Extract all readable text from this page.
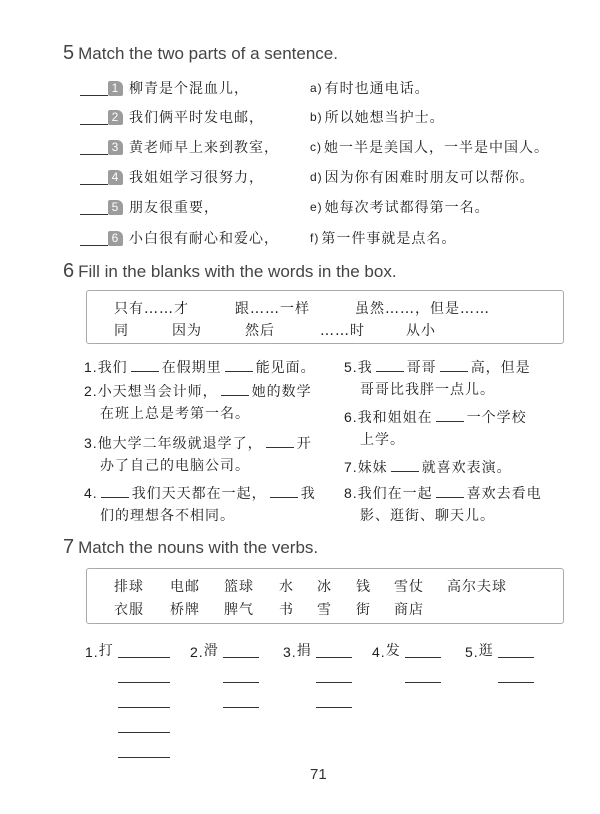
5 Match the two parts of a sentence.
1 柳青是个混血儿，
2 我们俩平时发电邮，
3 黄老师早上来到教室，
4 我姐姐学习很努力，
5 朋友很重要，
6 小白很有耐心和爱心，
a) 有时也通电话。
b) 所以她想当护士。
c) 她一半是美国人，一半是中国人。
d) 因为你有困难时朋友可以帮你。
e) 她每次考试都得第一名。
f) 第一件事就是点名。
6 Fill in the blanks with the words in the box.
只有……才	跟……一样	虽然……，但是……
同	因为	然后	……时	从小
1.我们 在假期里 能见面。
2.小天想当会计师， 她的数学
在班上总是考第一名。
3.他大学二年级就退学了， 开
办了自己的电脑公司。
4. 我们天天都在一起， 我
们的理想各不相同。
5.我 哥哥 高，但是
哥哥比我胖一点儿。
6.我和姐姐在 一个学校
上学。
7.妹妹 就喜欢表演。
8.我们在一起 喜欢去看电
影、逛街、聊天儿。
7 Match the nouns with the verbs.
排球 电邮 篮球 水 冰 钱 雪仗 高尔夫球
衣服 桥牌 脾气 书 雪 街 商店
1. 打	2. 滑	3. 捐	4. 发	5. 逛
71
